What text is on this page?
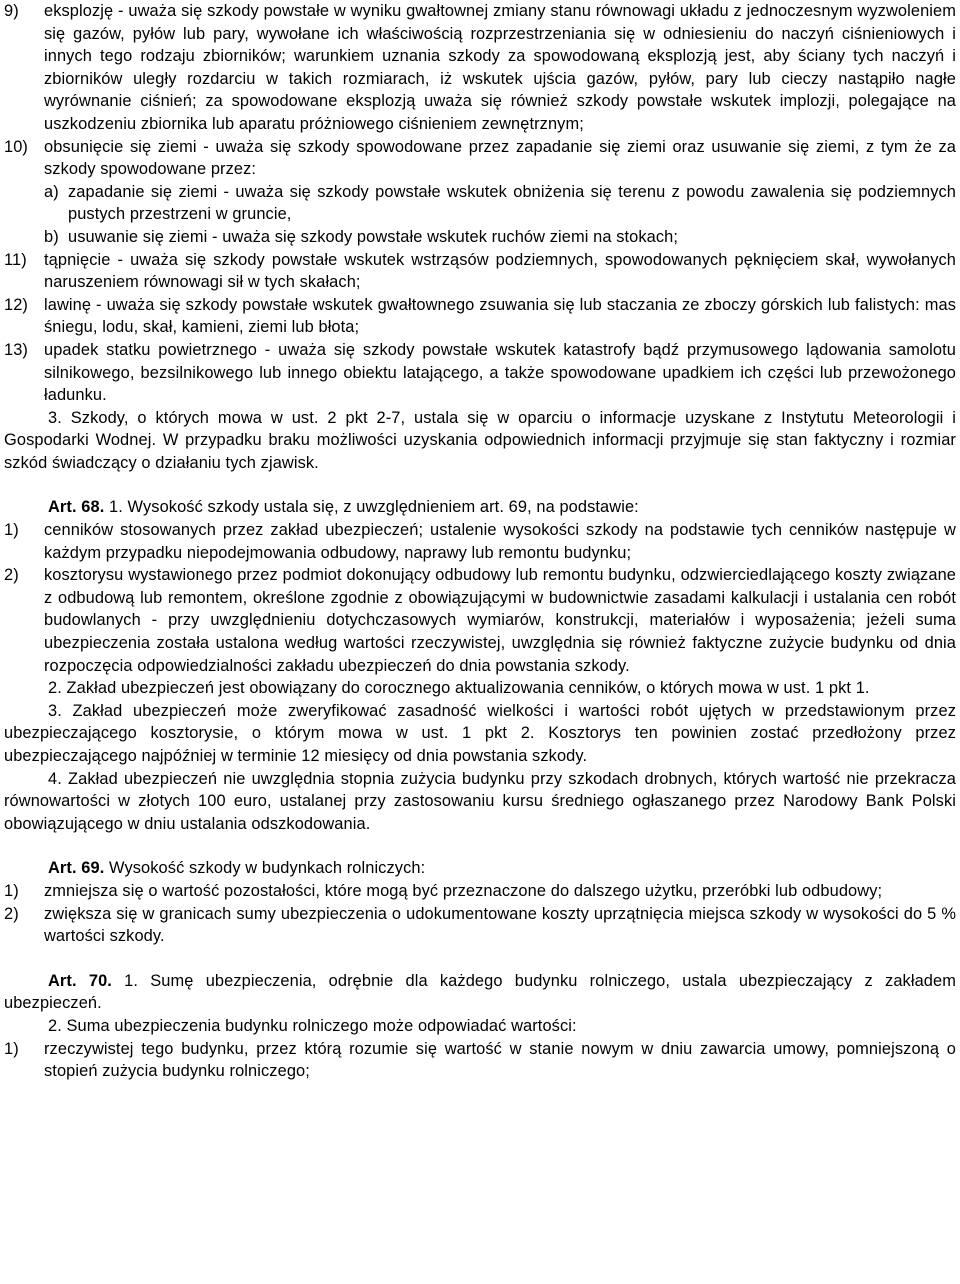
9)	eksplozję - uważa się szkody powstałe w wyniku gwałtownej zmiany stanu równowagi układu z jednoczesnym wyzwoleniem się gazów, pyłów lub pary, wywołane ich właściwością rozprzestrzeniania się w odniesieniu do naczyń ciśnieniowych i innych tego rodzaju zbiorników; warunkiem uznania szkody za spowodowaną eksplozją jest, aby ściany tych naczyń i zbiorników uległy rozdarciu w takich rozmiarach, iż wskutek ujścia gazów, pyłów, pary lub cieczy nastąpiło nagłe wyrównanie ciśnień; za spowodowane eksplozją uważa się również szkody powstałe wskutek implozji, polegające na uszkodzeniu zbiornika lub aparatu próżniowego ciśnieniem zewnętrznym;
10) obsunięcie się ziemi - uważa się szkody spowodowane przez zapadanie się ziemi oraz usuwanie się ziemi, z tym że za szkody spowodowane przez:
a) zapadanie się ziemi - uważa się szkody powstałe wskutek obniżenia się terenu z powodu zawalenia się podziemnych pustych przestrzeni w gruncie,
b) usuwanie się ziemi - uważa się szkody powstałe wskutek ruchów ziemi na stokach;
11)	tąpnięcie - uważa się szkody powstałe wskutek wstrząsów podziemnych, spowodowanych pęknięciem skał, wywołanych naruszeniem równowagi sił w tych skałach;
12) lawinę - uważa się szkody powstałe wskutek gwałtownego zsuwania się lub staczania ze zboczy górskich lub falistych: mas śniegu, lodu, skał, kamieni, ziemi lub błota;
13) upadek statku powietrznego - uważa się szkody powstałe wskutek katastrofy bądź przymusowego lądowania samolotu silnikowego, bezsilnikowego lub innego obiektu latającego, a także spowodowane upadkiem ich części lub przewożonego ładunku.

3. Szkody, o których mowa w ust. 2 pkt 2-7, ustala się w oparciu o informacje uzyskane z Instytutu Meteorologii i Gospodarki Wodnej. W przypadku braku możliwości uzyskania odpowiednich informacji przyjmuje się stan faktyczny i rozmiar szkód świadczący o działaniu tych zjawisk.

Art. 68. 1. Wysokość szkody ustala się, z uwzględnieniem art. 69, na podstawie:

1)	cenników stosowanych przez zakład ubezpieczeń; ustalenie wysokości szkody na podstawie tych cenników następuje w każdym przypadku niepodejmowania odbudowy, naprawy lub remontu budynku;
2)	kosztorysu wystawionego przez podmiot dokonujący odbudowy lub remontu budynku, odzwierciedlającego koszty związane z odbudową lub remontem, określone zgodnie z obowiązującymi w budownictwie zasadami kalkulacji i ustalania cen robót budowlanych - przy uwzględnieniu dotychczasowych wymiarów, konstrukcji, materiałów i wyposażenia; jeżeli suma ubezpieczenia została ustalona według wartości rzeczywistej, uwzględnia się również faktyczne zużycie budynku od dnia rozpoczęcia odpowiedzialności zakładu ubezpieczeń do dnia powstania szkody.

2. Zakład ubezpieczeń jest obowiązany do corocznego aktualizowania cenników, o których mowa w ust. 1 pkt 1.

3. Zakład ubezpieczeń może zweryfikować zasadność wielkości i wartości robót ujętych w przedstawionym przez ubezpieczającego kosztorysie, o którym mowa w ust. 1 pkt 2. Kosztorys ten powinien zostać przedłożony przez ubezpieczającego najpóźniej w terminie 12 miesięcy od dnia powstania szkody.

4. Zakład ubezpieczeń nie uwzględnia stopnia zużycia budynku przy szkodach drobnych, których wartość nie przekracza równowartości w złotych 100 euro, ustalanej przy zastosowaniu kursu średniego ogłaszanego przez Narodowy Bank Polski obowiązującego w dniu ustalania odszkodowania.

Art. 69. Wysokość szkody w budynkach rolniczych:

1)	zmniejsza się o wartość pozostałości, które mogą być przeznaczone do dalszego użytku, przeróbki lub odbudowy;
2)	zwiększa się w granicach sumy ubezpieczenia o udokumentowane koszty uprzątnięcia miejsca szkody w wysokości do 5 % wartości szkody.

Art. 70. 1. Sumę ubezpieczenia, odrębnie dla każdego budynku rolniczego, ustala ubezpieczający z zakładem ubezpieczeń.

2. Suma ubezpieczenia budynku rolniczego może odpowiadać wartości:

1)	rzeczywistej tego budynku, przez którą rozumie się wartość w stanie nowym w dniu zawarcia umowy, pomniejszoną o stopień zużycia budynku rolniczego;
